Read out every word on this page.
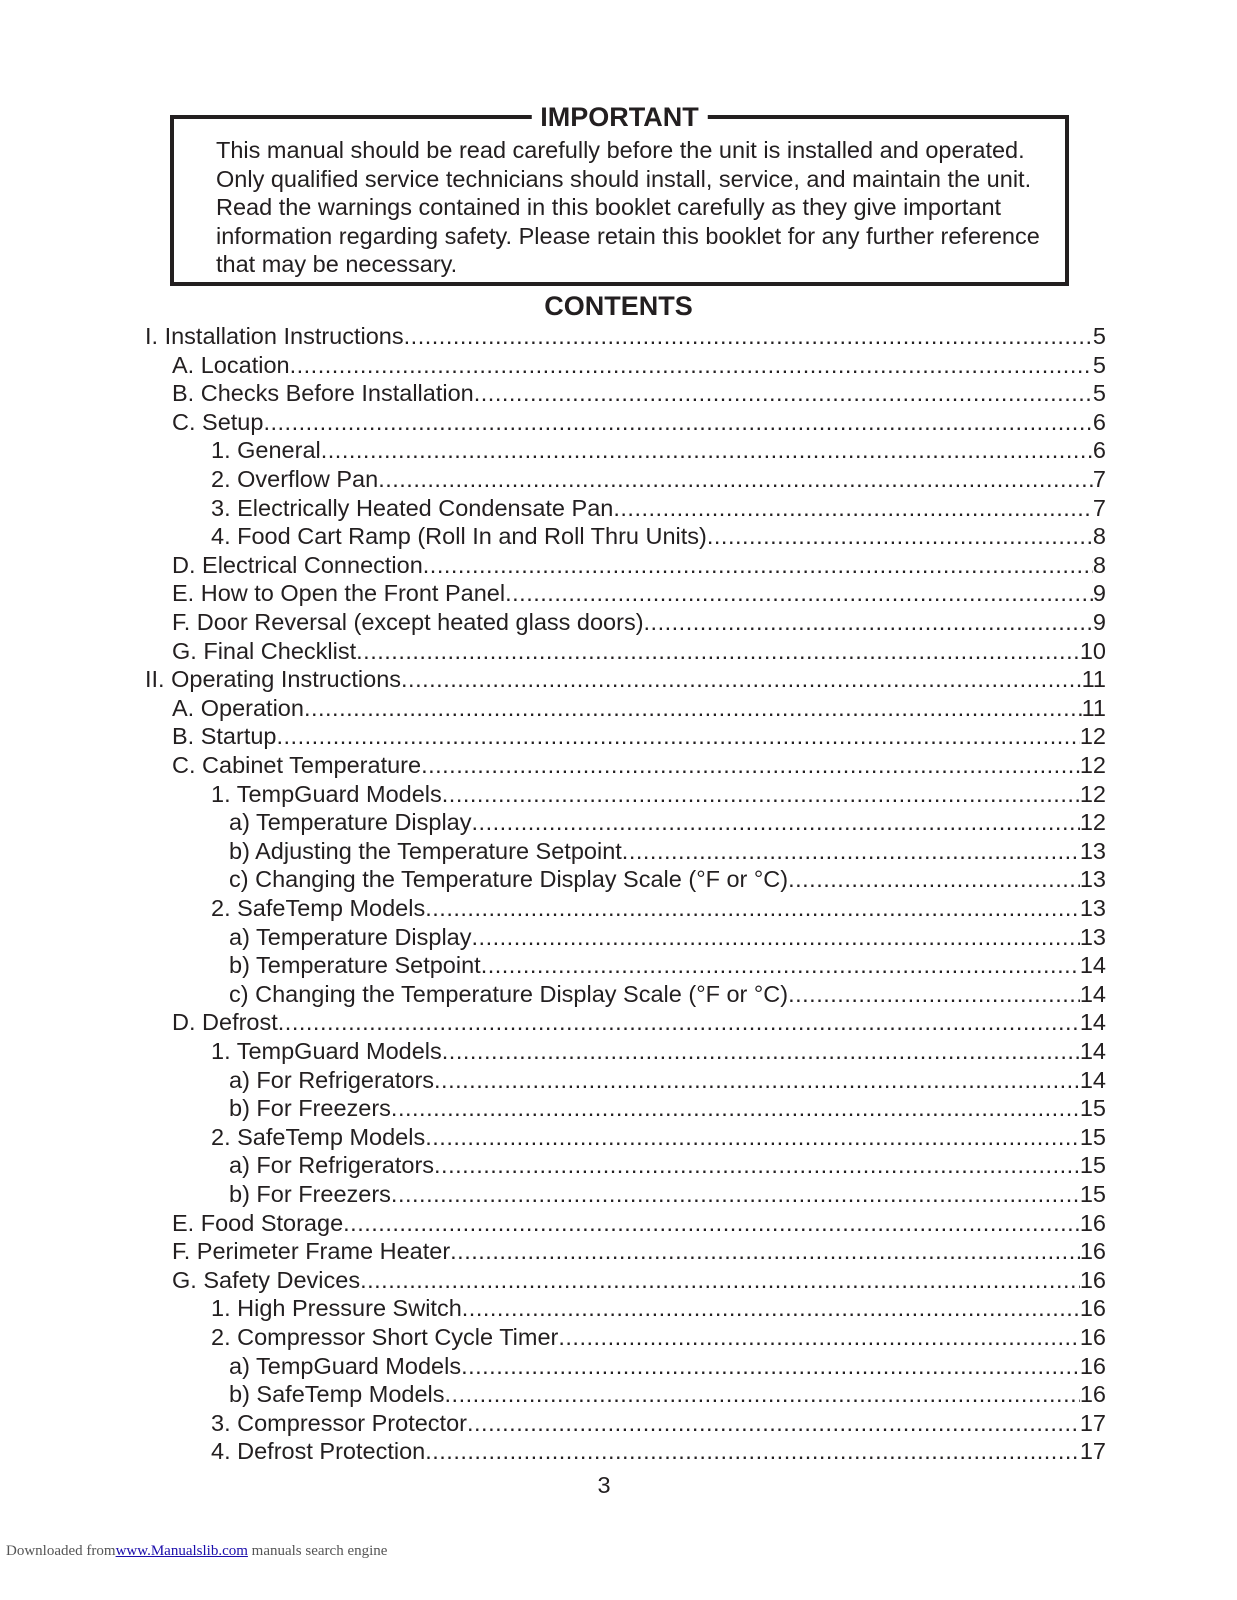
IMPORTANT
This manual should be read carefully before the unit is installed and operated.
Only qualified service technicians should install, service, and maintain the unit.
Read the warnings contained in this booklet carefully as they give important
information regarding safety. Please retain this booklet for any further reference
that may be necessary.
CONTENTS
I. Installation Instructions .....	5
A. Location .....	5
B. Checks Before Installation .....	5
C. Setup .....	6
1. General .....	6
2. Overflow Pan .....	7
3. Electrically Heated Condensate Pan .....	7
4. Food Cart Ramp (Roll In and Roll Thru Units) .....	8
D. Electrical Connection .....	8
E. How to Open the Front Panel .....	9
F. Door Reversal (except heated glass doors) .....	9
G. Final Checklist .....	10
II. Operating Instructions .....	11
A. Operation .....	11
B. Startup .....	12
C. Cabinet Temperature .....	12
1. TempGuard Models .....	12
a) Temperature Display .....	12
b) Adjusting the Temperature Setpoint .....	13
c) Changing the Temperature Display Scale (°F or °C) .....	13
2. SafeTemp Models .....	13
a) Temperature Display .....	13
b) Temperature Setpoint .....	14
c) Changing the Temperature Display Scale (°F or °C) .....	14
D. Defrost .....	14
1. TempGuard Models .....	14
a) For Refrigerators .....	14
b) For Freezers .....	15
2. SafeTemp Models .....	15
a) For Refrigerators .....	15
b) For Freezers .....	15
E. Food Storage .....	16
F. Perimeter Frame Heater .....	16
G. Safety Devices .....	16
1. High Pressure Switch .....	16
2. Compressor Short Cycle Timer .....	16
a) TempGuard Models .....	16
b) SafeTemp Models .....	16
3. Compressor Protector .....	17
4. Defrost Protection .....	17
3
Downloaded fromwww.Manualslib.com manuals search engine
